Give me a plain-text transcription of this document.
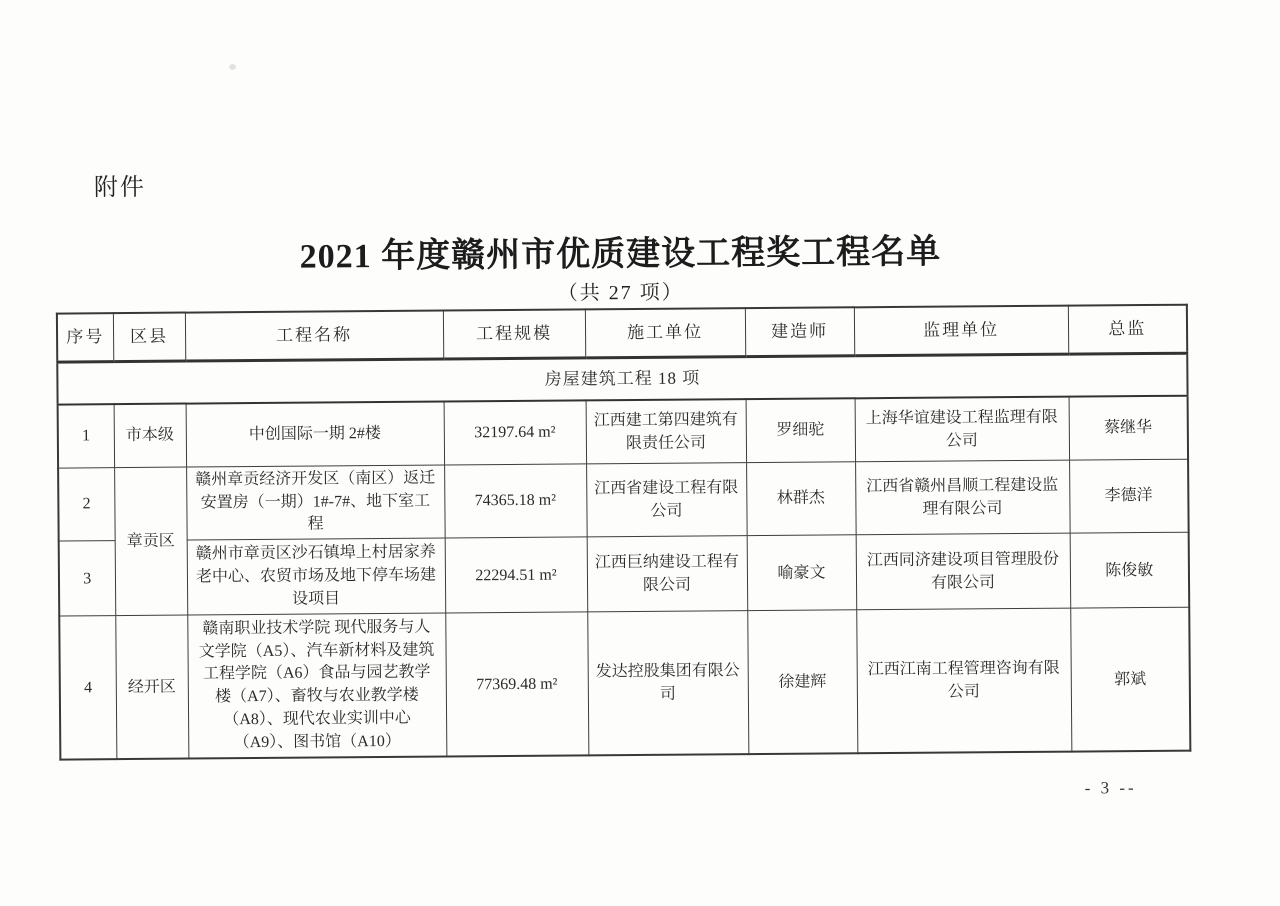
附件
2021 年度赣州市优质建设工程奖工程名单
（共 27 项）
序号	区县	工程名称	工程规模	施工单位	建造师	监理单位	总监
房屋建筑工程 18 项							
1	市本级	中创国际一期 2#楼	32197.64 m²	江西建工第四建筑有限责任公司	罗细驼	上海华谊建设工程监理有限公司	蔡继华
2	章贡区	赣州章贡经济开发区（南区）返迁安置房（一期）1#-7#、地下室工程	74365.18 m²	江西省建设工程有限公司	林群杰	江西省赣州昌顺工程建设监理有限公司	李德洋
3		赣州市章贡区沙石镇埠上村居家养老中心、农贸市场及地下停车场建设项目	22294.51 m²	江西巨纳建设工程有限公司	喻豪文	江西同济建设项目管理股份有限公司	陈俊敏
4	经开区	赣南职业技术学院 现代服务与人文学院（A5）、汽车新材料及建筑工程学院（A6）食品与园艺教学楼（A7）、畜牧与农业教学楼（A8）、现代农业实训中心（A9）、图书馆（A10）	77369.48 m²	发达控股集团有限公司	徐建辉	江西江南工程管理咨询有限公司	郭斌
- 3 --
